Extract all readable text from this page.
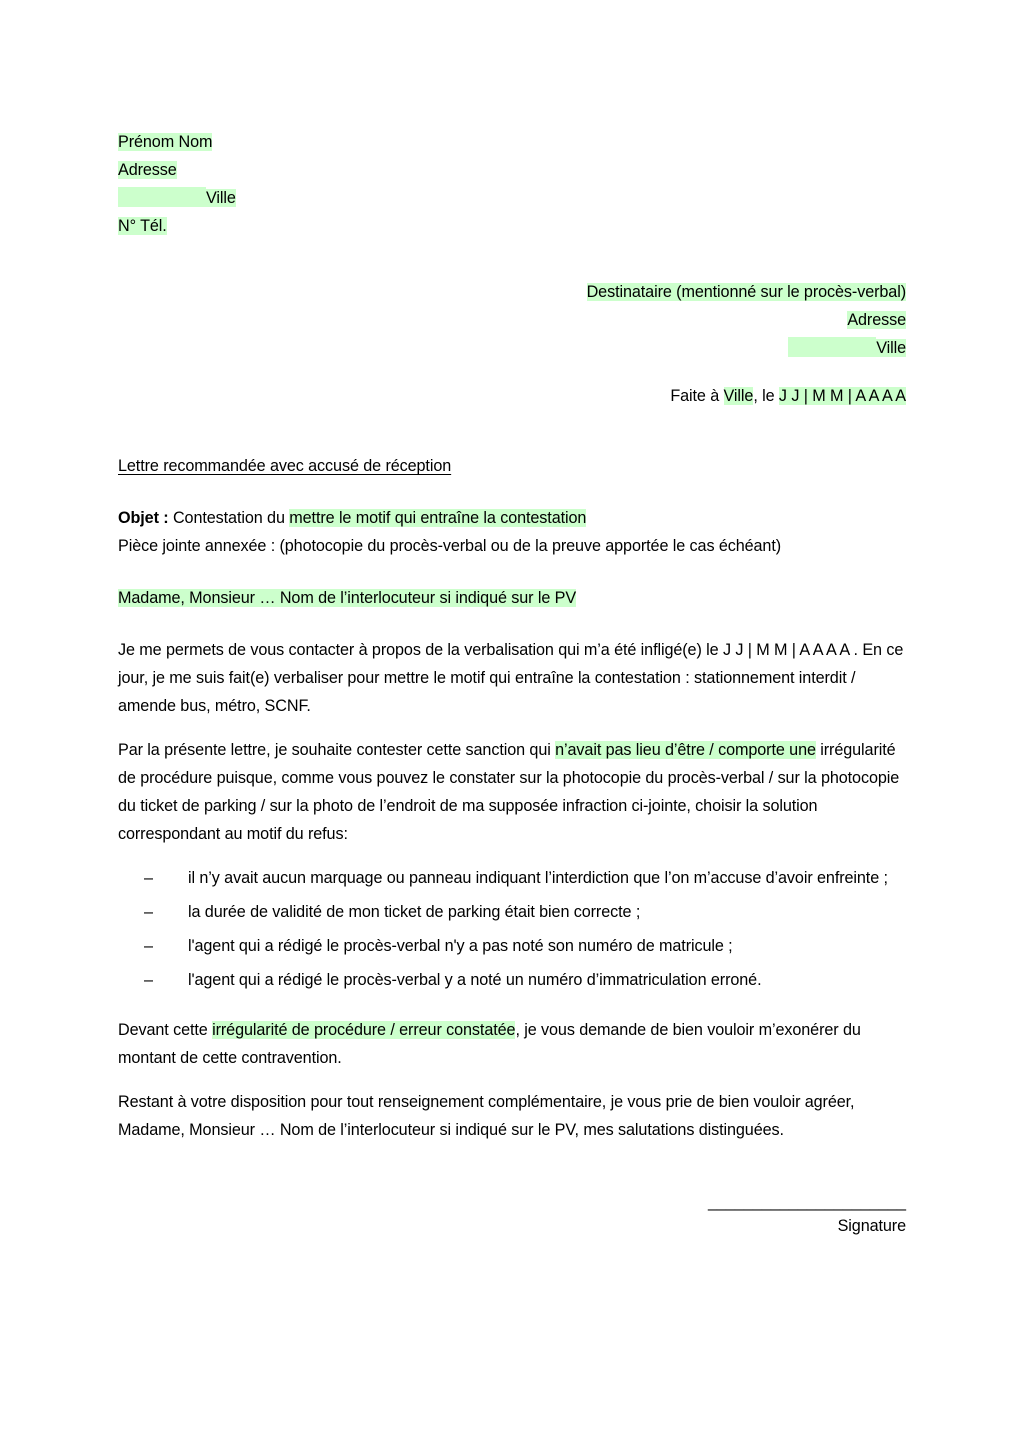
Prénom Nom
Adresse
Ville
N° Tél.
Destinataire (mentionné sur le procès-verbal)
Adresse
Ville
Faite à Ville, le J J | M M | A A A A
Lettre recommandée avec accusé de réception
Objet : Contestation du mettre le motif qui entraîne la contestation
Pièce jointe annexée : (photocopie du procès-verbal ou de la preuve apportée le cas échéant)
Madame, Monsieur … Nom de l’interlocuteur si indiqué sur le PV

Je me permets de vous contacter à propos de la verbalisation qui m’a été infligé(e) le J J | M M | A A A A . En ce jour, je me suis fait(e) verbaliser pour mettre le motif qui entraîne la contestation : stationnement interdit / amende bus, métro, SCNF.

Par la présente lettre, je souhaite contester cette sanction qui n’avait pas lieu d’être / comporte une irrégularité de procédure puisque, comme vous pouvez le constater sur la photocopie du procès-verbal / sur la photocopie du ticket de parking / sur la photo de l’endroit de ma supposée infraction ci-jointe, choisir la solution correspondant au motif du refus:

– il n’y avait aucun marquage ou panneau indiquant l’interdiction que l’on m’accuse d’avoir enfreinte ;
– la durée de validité de mon ticket de parking était bien correcte ;
– l'agent qui a rédigé le procès-verbal n'y a pas noté son numéro de matricule ;
– l'agent qui a rédigé le procès-verbal y a noté un numéro d’immatriculation erroné.

Devant cette irrégularité de procédure / erreur constatée, je vous demande de bien vouloir m’exonérer du montant de cette contravention.

Restant à votre disposition pour tout renseignement complémentaire, je vous prie de bien vouloir agréer, Madame, Monsieur … Nom de l’interlocuteur si indiqué sur le PV, mes salutations distinguées.

______________________
Signature
